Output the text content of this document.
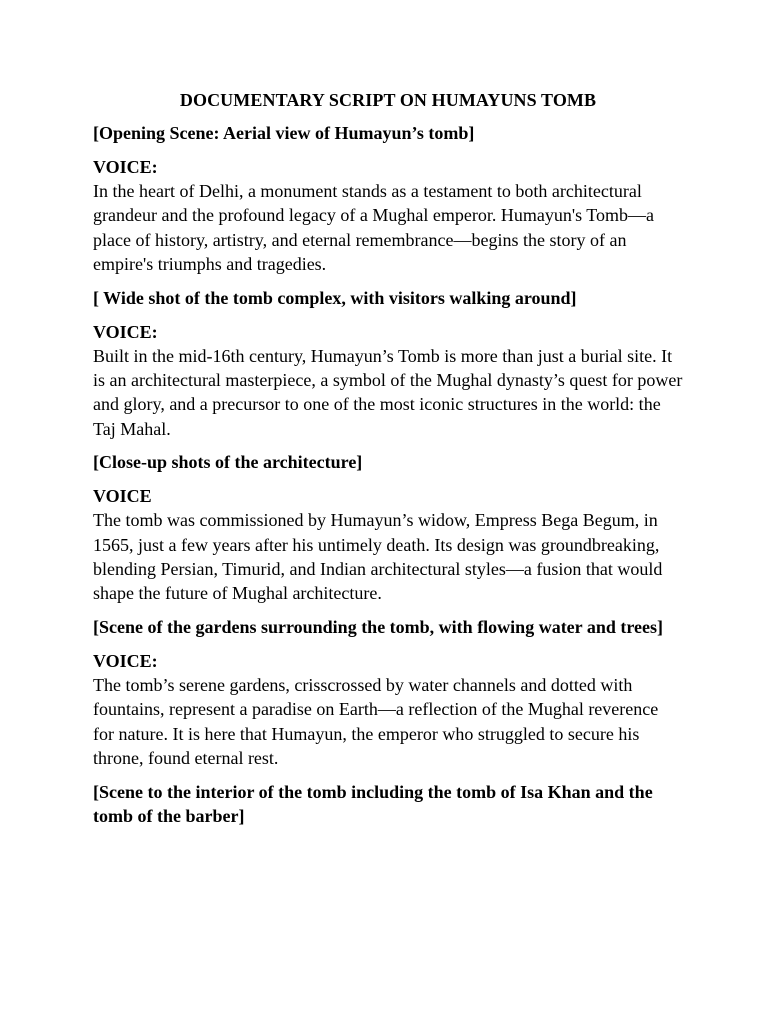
DOCUMENTARY SCRIPT ON HUMAYUNS TOMB
[Opening Scene: Aerial view of Humayun’s tomb]
VOICE:
In the heart of Delhi, a monument stands as a testament to both architectural grandeur and the profound legacy of a Mughal emperor. Humayun's Tomb—a place of history, artistry, and eternal remembrance—begins the story of an empire's triumphs and tragedies.
[ Wide shot of the tomb complex, with visitors walking around]
VOICE:
Built in the mid-16th century, Humayun’s Tomb is more than just a burial site. It is an architectural masterpiece, a symbol of the Mughal dynasty’s quest for power and glory, and a precursor to one of the most iconic structures in the world: the Taj Mahal.
[Close-up shots of the architecture]
VOICE
The tomb was commissioned by Humayun’s widow, Empress Bega Begum, in 1565, just a few years after his untimely death. Its design was groundbreaking, blending Persian, Timurid, and Indian architectural styles—a fusion that would shape the future of Mughal architecture.
[Scene of the gardens surrounding the tomb, with flowing water and trees]
VOICE:
The tomb’s serene gardens, crisscrossed by water channels and dotted with fountains, represent a paradise on Earth—a reflection of the Mughal reverence for nature. It is here that Humayun, the emperor who struggled to secure his throne, found eternal rest.
[Scene to the interior of the tomb including the tomb of Isa Khan and the tomb of the barber]
